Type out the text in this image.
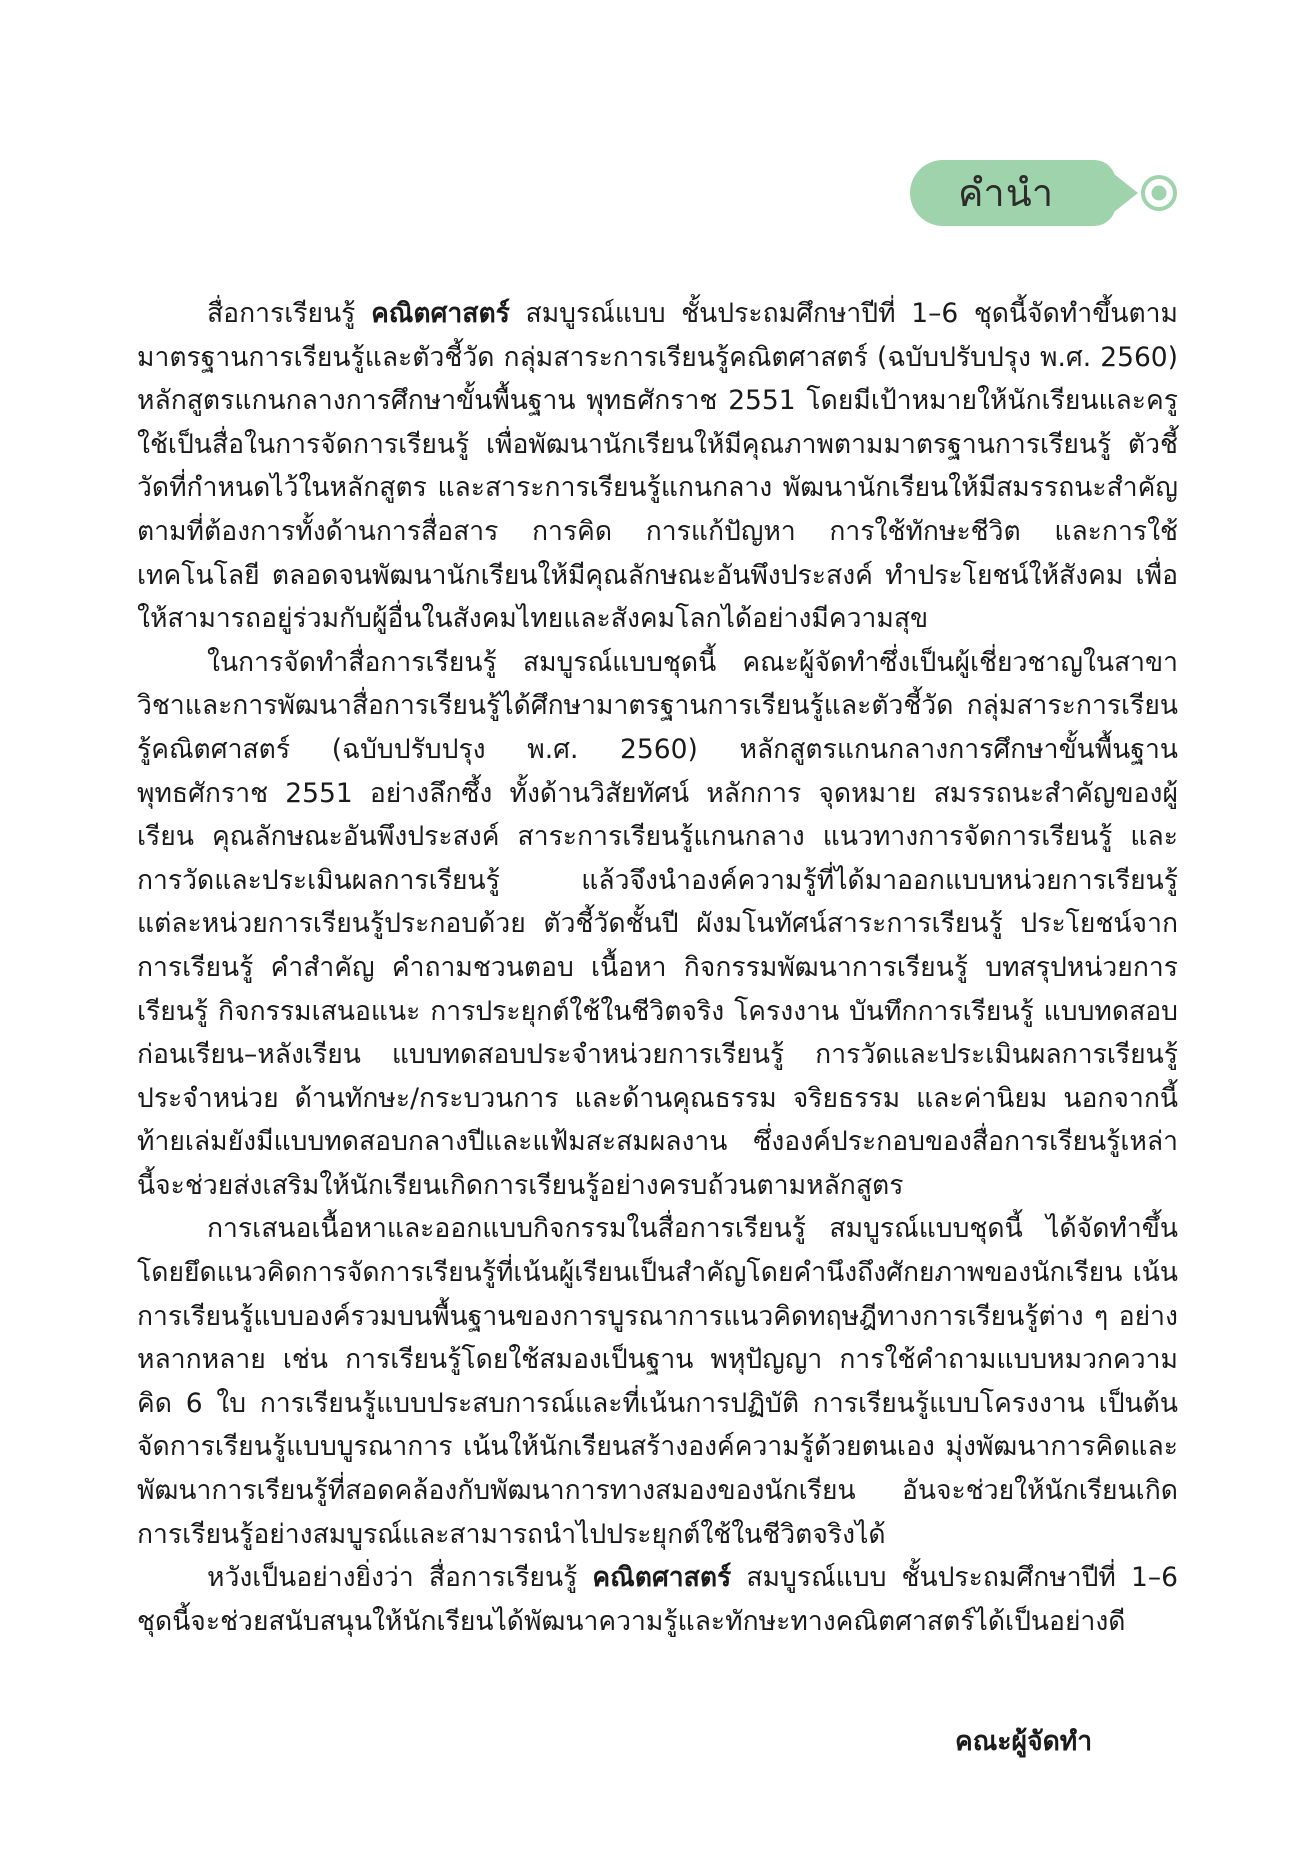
คำนำ

สื่อการเรียนรู้ คณิตศาสตร์ สมบูรณ์แบบ ชั้นประถมศึกษาปีที่ 1–6 ชุดนี้จัดทำขึ้นตามมาตรฐานการเรียนรู้และตัวชี้วัด กลุ่มสาระการเรียนรู้คณิตศาสตร์ (ฉบับปรับปรุง พ.ศ. 2560) หลักสูตรแกนกลางการศึกษาขั้นพื้นฐาน พุทธศักราช 2551 โดยมีเป้าหมายให้นักเรียนและครูใช้เป็นสื่อในการจัดการเรียนรู้ เพื่อพัฒนานักเรียนให้มีคุณภาพตามมาตรฐานการเรียนรู้ ตัวชี้วัดที่กำหนดไว้ในหลักสูตร และสาระการเรียนรู้แกนกลาง พัฒนานักเรียนให้มีสมรรถนะสำคัญตามที่ต้องการทั้งด้านการสื่อสาร การคิด การแก้ปัญหา การใช้ทักษะชีวิต และการใช้เทคโนโลยี ตลอดจนพัฒนานักเรียนให้มีคุณลักษณะอันพึงประสงค์ ทำประโยชน์ให้สังคม เพื่อให้สามารถอยู่ร่วมกับผู้อื่นในสังคมไทยและสังคมโลกได้อย่างมีความสุข

ในการจัดทำสื่อการเรียนรู้ สมบูรณ์แบบชุดนี้ คณะผู้จัดทำซึ่งเป็นผู้เชี่ยวชาญในสาขาวิชาและการพัฒนาสื่อการเรียนรู้ได้ศึกษามาตรฐานการเรียนรู้และตัวชี้วัด กลุ่มสาระการเรียนรู้คณิตศาสตร์ (ฉบับปรับปรุง พ.ศ. 2560) หลักสูตรแกนกลางการศึกษาขั้นพื้นฐาน พุทธศักราช 2551 อย่างลึกซึ้ง ทั้งด้านวิสัยทัศน์ หลักการ จุดหมาย สมรรถนะสำคัญของผู้เรียน คุณลักษณะอันพึงประสงค์ สาระการเรียนรู้แกนกลาง แนวทางการจัดการเรียนรู้ และการวัดและประเมินผลการเรียนรู้ แล้วจึงนำองค์ความรู้ที่ได้มาออกแบบหน่วยการเรียนรู้ แต่ละหน่วยการเรียนรู้ประกอบด้วย ตัวชี้วัดชั้นปี ผังมโนทัศน์สาระการเรียนรู้ ประโยชน์จากการเรียนรู้ คำสำคัญ คำถามชวนตอบ เนื้อหา กิจกรรมพัฒนาการเรียนรู้ บทสรุปหน่วยการเรียนรู้ กิจกรรมเสนอแนะ การประยุกต์ใช้ในชีวิตจริง โครงงาน บันทึกการเรียนรู้ แบบทดสอบก่อนเรียน–หลังเรียน แบบทดสอบประจำหน่วยการเรียนรู้ การวัดและประเมินผลการเรียนรู้ประจำหน่วย ด้านทักษะ/กระบวนการ และด้านคุณธรรม จริยธรรม และค่านิยม นอกจากนี้ท้ายเล่มยังมีแบบทดสอบกลางปีและแฟ้มสะสมผลงาน ซึ่งองค์ประกอบของสื่อการเรียนรู้เหล่านี้จะช่วยส่งเสริมให้นักเรียนเกิดการเรียนรู้อย่างครบถ้วนตามหลักสูตร

การเสนอเนื้อหาและออกแบบกิจกรรมในสื่อการเรียนรู้ สมบูรณ์แบบชุดนี้ ได้จัดทำขึ้นโดยยึดแนวคิดการจัดการเรียนรู้ที่เน้นผู้เรียนเป็นสำคัญโดยคำนึงถึงศักยภาพของนักเรียน เน้นการเรียนรู้แบบองค์รวมบนพื้นฐานของการบูรณาการแนวคิดทฤษฎีทางการเรียนรู้ต่าง ๆ อย่างหลากหลาย เช่น การเรียนรู้โดยใช้สมองเป็นฐาน พหุปัญญา การใช้คำถามแบบหมวกความคิด 6 ใบ การเรียนรู้แบบประสบการณ์และที่เน้นการปฏิบัติ การเรียนรู้แบบโครงงาน เป็นต้น จัดการเรียนรู้แบบบูรณาการ เน้นให้นักเรียนสร้างองค์ความรู้ด้วยตนเอง มุ่งพัฒนาการคิดและพัฒนาการเรียนรู้ที่สอดคล้องกับพัฒนาการทางสมองของนักเรียน อันจะช่วยให้นักเรียนเกิดการเรียนรู้อย่างสมบูรณ์และสามารถนำไปประยุกต์ใช้ในชีวิตจริงได้

หวังเป็นอย่างยิ่งว่า สื่อการเรียนรู้ คณิตศาสตร์ สมบูรณ์แบบ ชั้นประถมศึกษาปีที่ 1–6 ชุดนี้จะช่วยสนับสนุนให้นักเรียนได้พัฒนาความรู้และทักษะทางคณิตศาสตร์ได้เป็นอย่างดี

คณะผู้จัดทำ
